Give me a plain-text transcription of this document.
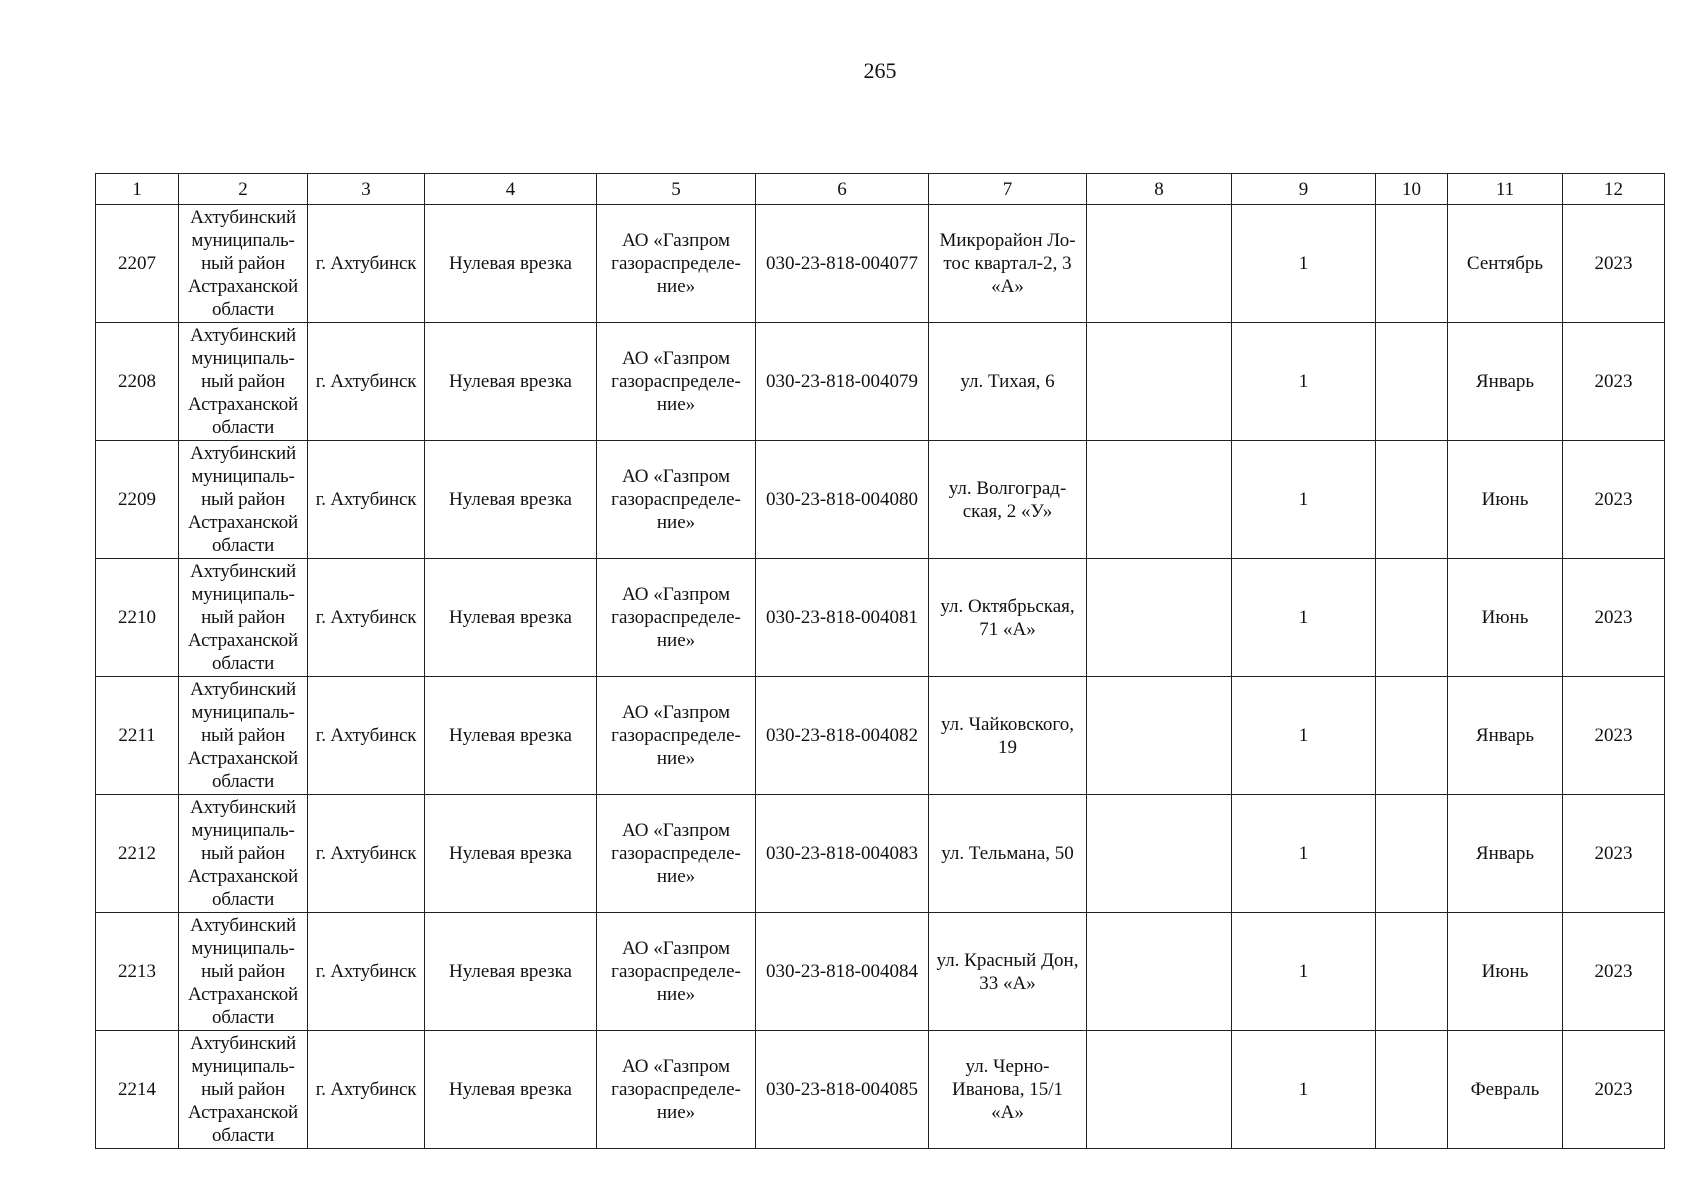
265
1	2	3	4	5	6	7	8	9	10	11	12
2207	Ахтубинский
муниципаль-
ный район
Астраханской
области	г. Ахтубинск	Нулевая врезка	АО «Газпром
газораспределе-
ние»	030-23-818-004077	Микрорайон Ло-
тос квартал-2, 3
«А»		1		Сентябрь	2023
2208	Ахтубинский
муниципаль-
ный район
Астраханской
области	г. Ахтубинск	Нулевая врезка	АО «Газпром
газораспределе-
ние»	030-23-818-004079	ул. Тихая, 6		1		Январь	2023
2209	Ахтубинский
муниципаль-
ный район
Астраханской
области	г. Ахтубинск	Нулевая врезка	АО «Газпром
газораспределе-
ние»	030-23-818-004080	ул. Волгоград-
ская, 2 «У»		1		Июнь	2023
2210	Ахтубинский
муниципаль-
ный район
Астраханской
области	г. Ахтубинск	Нулевая врезка	АО «Газпром
газораспределе-
ние»	030-23-818-004081	ул. Октябрьская,
71 «А»		1		Июнь	2023
2211	Ахтубинский
муниципаль-
ный район
Астраханской
области	г. Ахтубинск	Нулевая врезка	АО «Газпром
газораспределе-
ние»	030-23-818-004082	ул. Чайковского,
19		1		Январь	2023
2212	Ахтубинский
муниципаль-
ный район
Астраханской
области	г. Ахтубинск	Нулевая врезка	АО «Газпром
газораспределе-
ние»	030-23-818-004083	ул. Тельмана, 50		1		Январь	2023
2213	Ахтубинский
муниципаль-
ный район
Астраханской
области	г. Ахтубинск	Нулевая врезка	АО «Газпром
газораспределе-
ние»	030-23-818-004084	ул. Красный Дон,
33 «А»		1		Июнь	2023
2214	Ахтубинский
муниципаль-
ный район
Астраханской
области	г. Ахтубинск	Нулевая врезка	АО «Газпром
газораспределе-
ние»	030-23-818-004085	ул. Черно-
Иванова, 15/1
«А»		1		Февраль	2023
